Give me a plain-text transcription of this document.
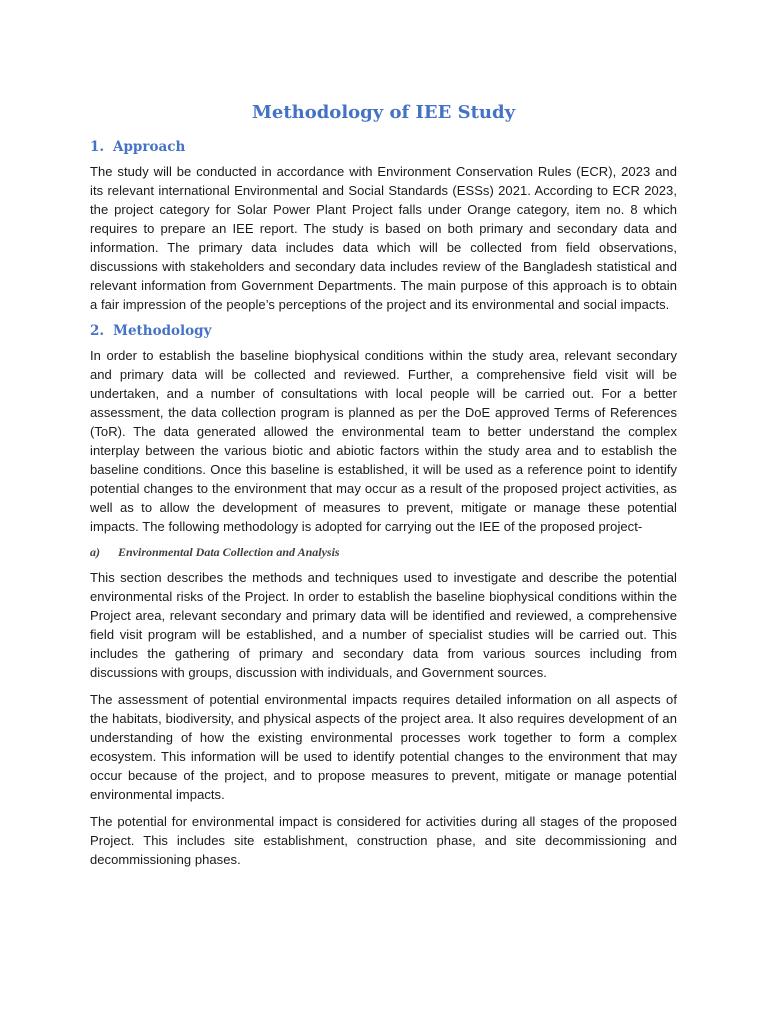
Methodology of IEE Study
1. Approach

The study will be conducted in accordance with Environment Conservation Rules (ECR), 2023 and its relevant international Environmental and Social Standards (ESSs) 2021. According to ECR 2023, the project category for Solar Power Plant Project falls under Orange category, item no. 8 which requires to prepare an IEE report. The study is based on both primary and secondary data and information. The primary data includes data which will be collected from field observations, discussions with stakeholders and secondary data includes review of the Bangladesh statistical and relevant information from Government Departments. The main purpose of this approach is to obtain a fair impression of the people’s perceptions of the project and its environmental and social impacts.

2. Methodology

In order to establish the baseline biophysical conditions within the study area, relevant secondary and primary data will be collected and reviewed. Further, a comprehensive field visit will be undertaken, and a number of consultations with local people will be carried out. For a better assessment, the data collection program is planned as per the DoE approved Terms of References (ToR). The data generated allowed the environmental team to better understand the complex interplay between the various biotic and abiotic factors within the study area and to establish the baseline conditions. Once this baseline is established, it will be used as a reference point to identify potential changes to the environment that may occur as a result of the proposed project activities, as well as to allow the development of measures to prevent, mitigate or manage these potential impacts. The following methodology is adopted for carrying out the IEE of the proposed project-

a)	Environmental Data Collection and Analysis

This section describes the methods and techniques used to investigate and describe the potential environmental risks of the Project. In order to establish the baseline biophysical conditions within the Project area, relevant secondary and primary data will be identified and reviewed, a comprehensive field visit program will be established, and a number of specialist studies will be carried out. This includes the gathering of primary and secondary data from various sources including from discussions with groups, discussion with individuals, and Government sources.

The assessment of potential environmental impacts requires detailed information on all aspects of the habitats, biodiversity, and physical aspects of the project area. It also requires development of an understanding of how the existing environmental processes work together to form a complex ecosystem. This information will be used to identify potential changes to the environment that may occur because of the project, and to propose measures to prevent, mitigate or manage potential environmental impacts.

The potential for environmental impact is considered for activities during all stages of the proposed Project. This includes site establishment, construction phase, and site decommissioning and decommissioning phases.
